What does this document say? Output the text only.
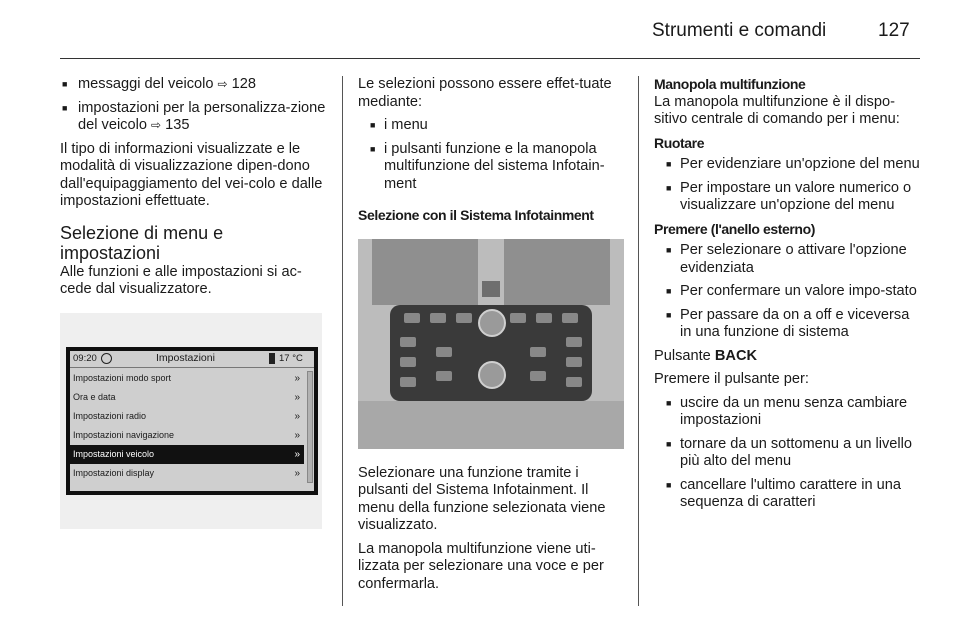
Strumenti e comandi	127
■ messaggi del veicolo ⇨ 128
■ impostazioni per la personalizza-zione del veicolo ⇨ 135

Il tipo di informazioni visualizzate e le modalità di visualizzazione dipen-dono dall'equipaggiamento del vei-colo e dalle impostazioni effettuate.

Selezione di menu e impostazioni

Alle funzioni e alle impostazioni si ac-cede dal visualizzatore.

09:20	Impostazioni	17 °C
Impostazioni modo sport	»
Ora e data	»
Impostazioni radio	»
Impostazioni navigazione	»
Impostazioni veicolo	»
Impostazioni display	»

Le selezioni possono essere effet-tuate mediante:

■ i menu
■ i pulsanti funzione e la manopola multifunzione del sistema Infotain-ment

Selezione con il Sistema Infotainment

Selezionare una funzione tramite i pulsanti del Sistema Infotainment. Il menu della funzione selezionata viene visualizzato.

La manopola multifunzione viene uti-lizzata per selezionare una voce e per confermarla.

Manopola multifunzione

La manopola multifunzione è il dispo-sitivo centrale di comando per i menu:

Ruotare

■ Per evidenziare un'opzione del menu
■ Per impostare un valore numerico o visualizzare un'opzione del menu

Premere (l'anello esterno)

■ Per selezionare o attivare l'opzione evidenziata
■ Per confermare un valore impo-stato
■ Per passare da on a off e viceversa in una funzione di sistema

Pulsante BACK

Premere il pulsante per:

■ uscire da un menu senza cambiare impostazioni
■ tornare da un sottomenu a un livello più alto del menu
■ cancellare l'ultimo carattere in una sequenza di caratteri
